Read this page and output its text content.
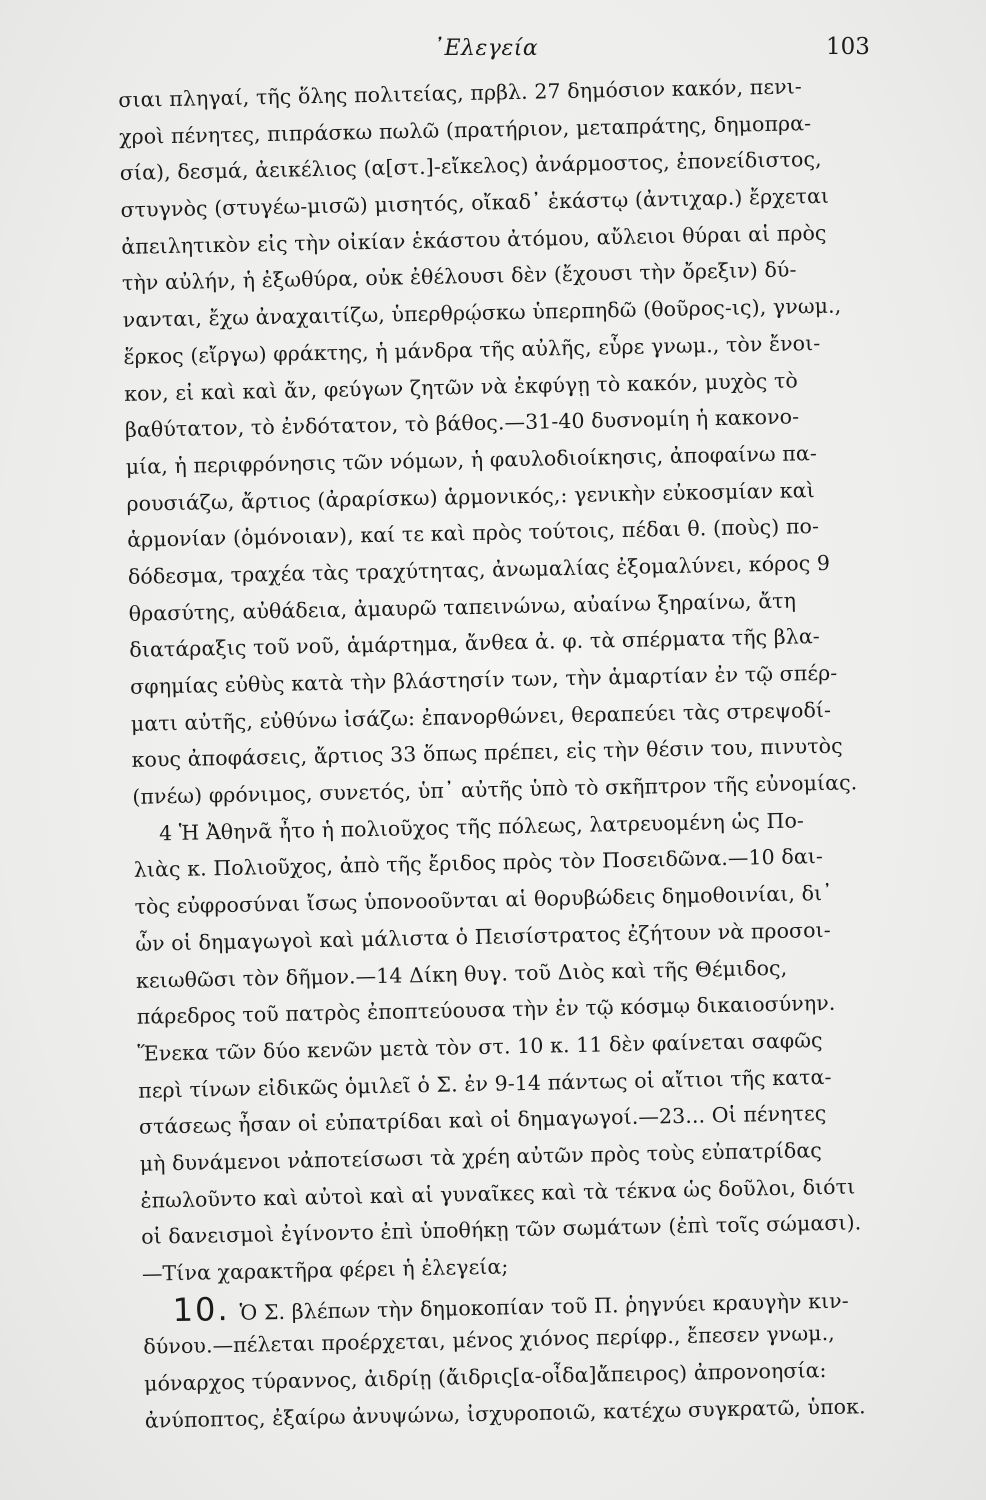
᾿Ελεγεία	103
σιαι πληγαί, τῆς ὅλης πολιτείας, πρβλ. 27 δημόσιον κακόν, πενι-
χροὶ πένητες, πιπράσκω πωλῶ (πρατήριον, μεταπράτης, δημοπρα-
σία), δεσμά, ἀεικέλιος (α[στ.]-εἴκελος) ἀνάρμοστος, ἐπονείδιστος,
στυγνὸς (στυγέω-μισῶ) μισητός, οἴκαδ᾿ ἑκάστῳ (ἀντιχαρ.) ἔρχεται
ἀπειλητικὸν εἰς τὴν οἰκίαν ἑκάστου ἀτόμου, αὔλειοι θύραι αἱ πρὸς
τὴν αὐλήν, ἡ ἐξωθύρα, οὐκ ἐθέλουσι δὲν (ἔχουσι τὴν ὄρεξιν) δύ-
νανται, ἔχω ἀναχαιτίζω, ὑπερθρῴσκω ὑπερπηδῶ (θοῦρος-ις), γνωμ.,
ἕρκος (εἴργω) φράκτης, ἡ μάνδρα τῆς αὐλῆς, εὗρε γνωμ., τὸν ἔνοι-
κον, εἰ καὶ καὶ ἄν, φεύγων ζητῶν νὰ ἐκφύγῃ τὸ κακόν, μυχὸς τὸ
βαθύτατον, τὸ ἐνδότατον, τὸ βάθος.—31-40 δυσνομίη ἡ κακονο-
μία, ἡ περιφρόνησις τῶν νόμων, ἡ φαυλοδιοίκησις, ἀποφαίνω πα-
ρουσιάζω, ἄρτιος (ἀραρίσκω) ἁρμονικός,: γενικὴν εὐκοσμίαν καὶ
ἁρμονίαν (ὁμόνοιαν), καί τε καὶ πρὸς τούτοις, πέδαι θ. (ποὺς) πο-
δόδεσμα, τραχέα τὰς τραχύτητας, ἀνωμαλίας ἐξομαλύνει, κόρος 9
θρασύτης, αὐθάδεια, ἀμαυρῶ ταπεινώνω, αὐαίνω ξηραίνω, ἄτη
διατάραξις τοῦ νοῦ, ἁμάρτημα, ἄνθεα ἀ. φ. τὰ σπέρματα τῆς βλα-
σφημίας εὐθὺς κατὰ τὴν βλάστησίν των, τὴν ἁμαρτίαν ἐν τῷ σπέρ-
ματι αὐτῆς, εὐθύνω ἰσάζω: ἐπανορθώνει, θεραπεύει τὰς στρεψοδί-
κους ἀποφάσεις, ἄρτιος 33 ὅπως πρέπει, εἰς τὴν θέσιν του, πινυτὸς
(πνέω) φρόνιμος, συνετός, ὑπ᾿ αὐτῆς ὑπὸ τὸ σκῆπτρον τῆς εὐνομίας.
4 Ἡ Ἀθηνᾶ ἦτο ἡ πολιοῦχος τῆς πόλεως, λατρευομένη ὡς Πο-
λιὰς κ. Πολιοῦχος, ἀπὸ τῆς ἔριδος πρὸς τὸν Ποσειδῶνα.—10 δαι-
τὸς εὐφροσύναι ἴσως ὑπονοοῦνται αἱ θορυβώδεις δημοθοινίαι, δι᾿
ὧν οἱ δημαγωγοὶ καὶ μάλιστα ὁ Πεισίστρατος ἐζήτουν νὰ προσοι-
κειωθῶσι τὸν δῆμον.—14 Δίκη θυγ. τοῦ Διὸς καὶ τῆς Θέμιδος,
πάρεδρος τοῦ πατρὸς ἐποπτεύουσα τὴν ἐν τῷ κόσμῳ δικαιοσύνην.
Ἕνεκα τῶν δύο κενῶν μετὰ τὸν στ. 10 κ. 11 δὲν φαίνεται σαφῶς
περὶ τίνων εἰδικῶς ὁμιλεῖ ὁ Σ. ἐν 9-14 πάντως οἱ αἴτιοι τῆς κατα-
στάσεως ἦσαν οἱ εὐπατρίδαι καὶ οἱ δημαγωγοί.—23... Οἱ πένητες
μὴ δυνάμενοι νἀποτείσωσι τὰ χρέη αὐτῶν πρὸς τοὺς εὐπατρίδας
ἐπωλοῦντο καὶ αὐτοὶ καὶ αἱ γυναῖκες καὶ τὰ τέκνα ὡς δοῦλοι, διότι
οἱ δανεισμοὶ ἐγίνοντο ἐπὶ ὑποθήκῃ τῶν σωμάτων (ἐπὶ τοῖς σώμασι).
—Τίνα χαρακτῆρα φέρει ἡ ἐλεγεία;
10. Ὁ Σ. βλέπων τὴν δημοκοπίαν τοῦ Π. ῥηγνύει κραυγὴν κιν-
δύνου.—πέλεται προέρχεται, μένος χιόνος περίφρ., ἔπεσεν γνωμ.,
μόναρχος τύραννος, ἀιδρίῃ (ἄιδρις[α-οἶδα]ἄπειρος) ἀπρονοησία:
ἀνύποπτος, ἐξαίρω ἀνυψώνω, ἰσχυροποιῶ, κατέχω συγκρατῶ, ὑποκ.
